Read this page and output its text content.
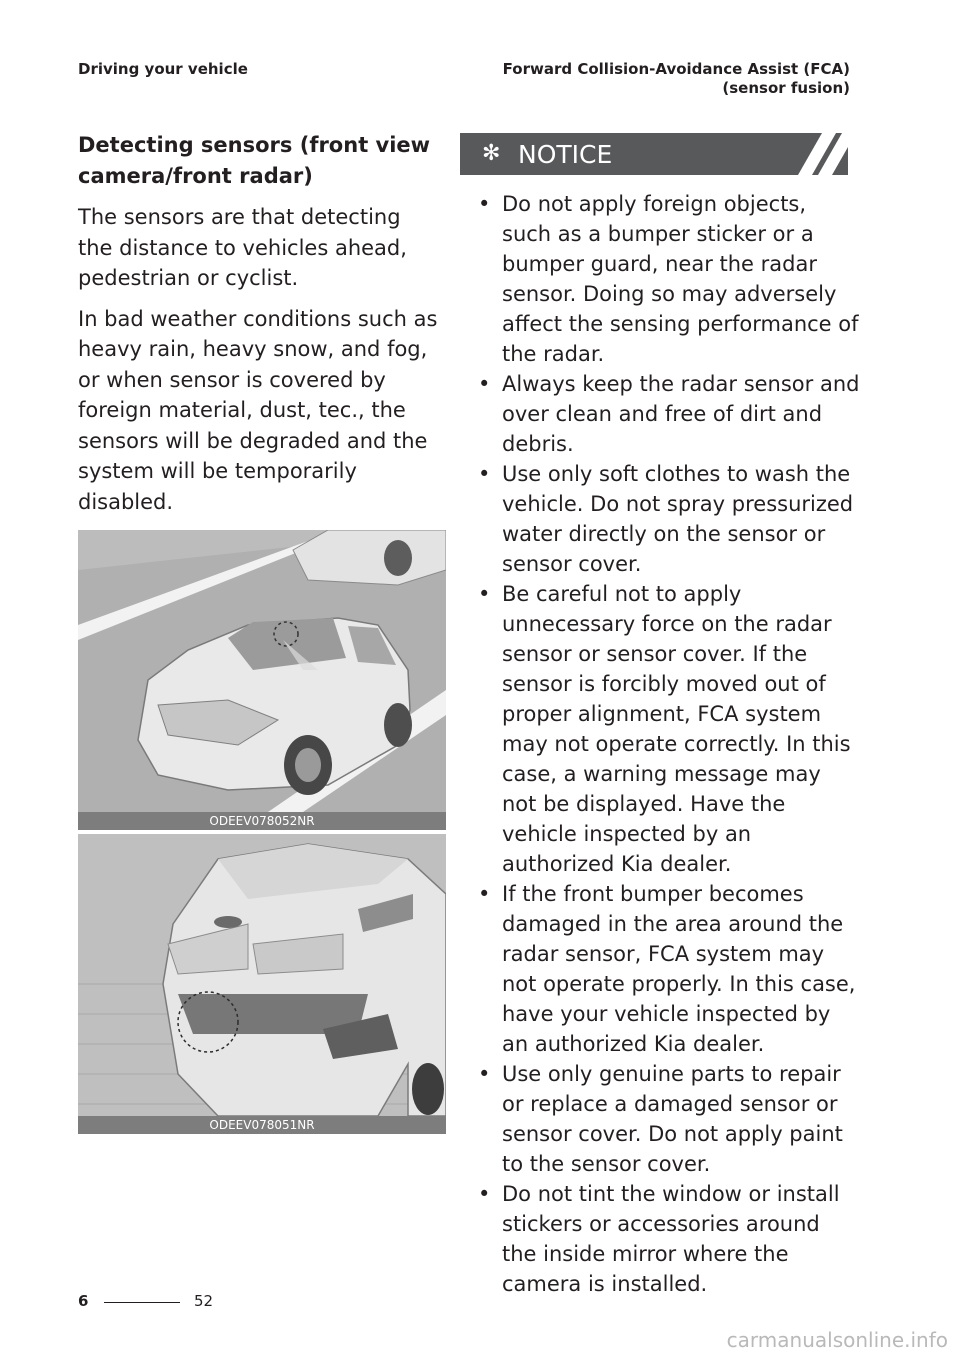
Driving your vehicle	Forward Collision-Avoidance Assist (FCA) (sensor fusion)
Detecting sensors (front view camera/front radar)

The sensors are that detecting the distance to vehicles ahead, pedestrian or cyclist.

In bad weather conditions such as heavy rain, heavy snow, and fog, or when sensor is covered by foreign material, dust, tec., the sensors will be degraded and the system will be temporarily disabled.

ODEEV078052NR
ODEEV078051NR
✻ NOTICE
• Do not apply foreign objects, such as a bumper sticker or a bumper guard, near the radar sensor. Doing so may adversely affect the sensing performance of the radar.
• Always keep the radar sensor and over clean and free of dirt and debris.
• Use only soft clothes to wash the vehicle. Do not spray pressurized water directly on the sensor or sensor cover.
• Be careful not to apply unnecessary force on the radar sensor or sensor cover. If the sensor is forcibly moved out of proper alignment, FCA system may not operate correctly. In this case, a warning message may not be displayed. Have the vehicle inspected by an authorized Kia dealer.
• If the front bumper becomes damaged in the area around the radar sensor, FCA system may not operate properly. In this case, have your vehicle inspected by an authorized Kia dealer.
• Use only genuine parts to repair or replace a damaged sensor or sensor cover. Do not apply paint to the sensor cover.
• Do not tint the window or install stickers or accessories around the inside mirror where the camera is installed.
6	52
carmanualsonline.info
